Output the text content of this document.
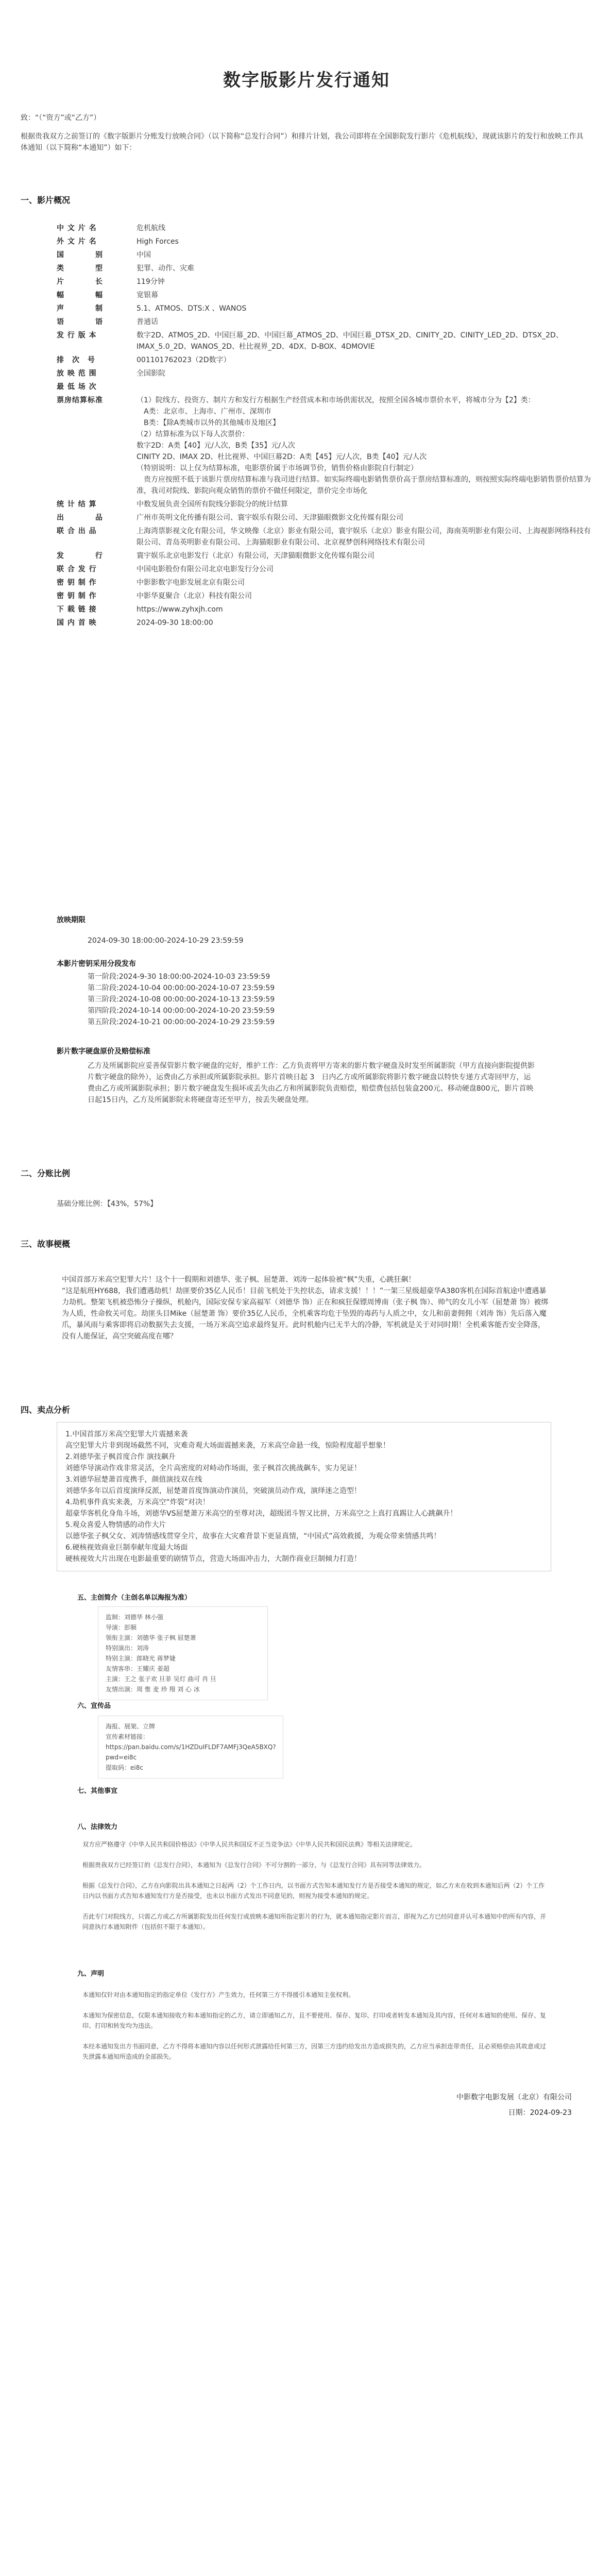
数字版影片发行通知
致：“（“资方”或“乙方”）
根据贵我双方之前签订的《数字版影片分账发行放映合同》（以下简称“总发行合同”）和排片计划，我公司即将在全国影院发行影片《危机航线》，现就该影片的发行和放映工作具体通知（以下简称“本通知”）如下：
一、影片概况
中 文 片 名	危机航线
外 文 片 名	High Forces
国　　　　别	中国
类　　　　型	犯罪、动作、灾难
片　　　　长	119分钟
幅　　　　幅	宽银幕
声　　　　制	5.1、ATMOS、DTS:X 、WANOS
语　　　　语	普通话
发 行 版 本	数字2D、ATMOS_2D、中国巨幕_2D、中国巨幕_ATMOS_2D、中国巨幕_DTSX_2D、CINITY_2D、CINITY_LED_2D、DTSX_2D、IMAX_5.0_2D、WANOS_2D、杜比视界_2D、4DX、D-BOX、4DMOVIE
排　次　号	001101762023（2D数字）
放 映 范 围	全国影院
最 低 场 次
票房结算标准	（1）院线方、投资方、制片方和发行方根据生产经营成本和市场供需状况，按照全国各城市票价水平，将城市分为【2】类：
　A类：北京市、上海市、广州市、深圳市
　B类：【除A类城市以外的其他城市及地区】
（2）结算标准为以下每人次票价：
数字2D：A类【40】元/人次，B类【35】元/人次
CINITY 2D、IMAX 2D、杜比视界、中国巨幕2D：A类【45】元/人次，B类【40】元/人次
（特别说明：以上仅为结算标准，电影票价属于市场调节价，销售价格由影院自行制定）
　贵方应按照不低于该影片票房结算标准与我司进行结算。如实际终端电影销售票价高于票房结算标准的，则按照实际终端电影销售票价结算为准，我司对院线、影院向观众销售的票价不做任何限定，票价完全市场化
统 计 结 算	中数发展负责全国所有院线分影院分的统计结算
出　　　　品	广州市英明文化传播有限公司、寰宇娱乐有限公司、天津猫眼微影文化传媒有限公司
联 合 出 品	上海湾票影视文化有限公司，华文映像（北京）影业有限公司，寰宇娱乐（北京）影业有限公司，海南英明影业有限公司、上海视影网络科技有限公司、青岛英明影业有限公司、上海猫眼影业有限公司、北京视梦创科网络技术有限公司
发　　　　行	寰宇娱乐北京电影发行（北京）有限公司，天津猫眼微影文化传媒有限公司
联 合 发 行	中国电影股份有限公司北京电影发行分公司
密 钥 制 作	中影影数字电影发展北京有限公司
密 钥 制 作	中影华夏聚合（北京）科技有限公司
下 载 链 接	https://www.zyhxjh.com
国 内 首 映	2024-09-30 18:00:00
放映期限
2024-09-30 18:00:00-2024-10-29 23:59:59
本影片密钥采用分段发布
第一阶段:2024-9-30 18:00:00-2024-10-03 23:59:59
第二阶段:2024-10-04 00:00:00-2024-10-07 23:59:59
第三阶段:2024-10-08 00:00:00-2024-10-13 23:59:59
第四阶段:2024-10-14 00:00:00-2024-10-20 23:59:59
第五阶段:2024-10-21 00:00:00-2024-10-29 23:59:59
影片数字硬盘原价及赔偿标准
乙方及所属影院应妥善保管影片数字硬盘的完好，维护工作：乙方负责将甲方寄来的影片数字硬盘及时发至所属影院（甲方直接向影院提供影片数字硬盘的除外），运费由乙方承担或所属影院承担。影片首映日起 3　日内乙方或所属影院将影片数字硬盘以特快专递方式寄回甲方，运费由乙方或所属影院承担；影片数字硬盘发生损坏或丢失由乙方和所属影院负责赔偿，赔偿费包括包装盒200元、移动硬盘800元，影片首映日起15日内，乙方及所属影院未将硬盘寄还至甲方，按丢失硬盘处理。
二、分账比例
基础分账比例：【43%，57%】
三、故事梗概
中国首部万米高空犯罪大片！这个十一假期和刘德华、张子枫、屈楚萧、刘涛一起体验被“枫”失重，心跳狂飙！
“这是航班HY688，我们遭遇劫机！劫匪要价35亿人民币！目前飞机处于失控状态，请求支援！！！”一架三星级超豪华A380客机在国际首航途中遭遇暴力劫机。整架飞机被恐怖分子操纵，机舱内，国际安保专家高福军（刘德华 饰）正在和疯狂保镖周博南（张子枫 饰）、帅气的女儿小军（屈楚萧 饰）被绑为人质，性命攸关可危。劫匪头目Mike（屈楚萧 饰）要价35亿人民币，全机乘客均危于坠毁的毒药与人质之中，女儿和前妻佣佣（刘涛 饰）先后落入魔爪，暴风雨与乘客即将启动数据失去支援，一场万米高空追求最终复开。此时机舱内已无半大的冷静，军机就是关于对同时期！全机乘客能否安全降落，没有人能保证，高空突破高度在哪？
四、卖点分析
1.中国首部万米高空犯罪大片震撼来袭
高空犯罪大片非到现场截然不同，灾难奇观大场面震撼来袭，万米高空命悬一线，惊险程度超乎想象！
2.刘德华张子枫首度合作 演技飙升
刘德华导演动作戏非常灵活，全片高密度的对峙动作场面，张子枫首次挑战飙车，实力见证！
3.刘德华屈楚萧首度携手，颜值演技双在线
刘德华多年以后首度演绎反派，屈楚萧首度饰演动作演员，突破演员动作戏，演绎迷之造型！
4.劫机事件真实来袭，万米高空“炸裂”对决！
超豪华客机化身角斗场，刘德华VS屈楚萧万米高空的至尊对决，超级团斗智又比拼，万米高空之上真打真踢让人心跳飙升！
5.观众喜爱人物情感的动作大片
以德华张子枫父女、刘涛情感线贯穿全片，故事在大灾难背景下更显真情，“中国式”高效救援，为观众带来情感共鸣！
6.硬核视效商业巨制奉献年度最大场面
硬核视效大片出现在电影最重要的剧情节点，营造大场面冲击力，大制作商业巨制倾力打造！
五、主创简介（主创名单以海报为准）
监制：刘德华 林小强
导演：彭顺
领衔主演：刘德华 张子枫 屈楚萧
特别演出：刘涛
特别主演：郎晓光 蒋梦婕
友情客串：王耀庆 姜超
主演：王之 张子欢 旦菲 吴灯 曲可 肖 旦
友情出演：周 惟 麦 珍 翔 刘 心 冰
六、宣传品
海报、展架、立牌
宣传素材链接：
https://pan.baidu.com/s/1HZDuIFLDF7AMFj3QeA5BXQ?pwd=ei8c
提取码：ei8c
七、其他事宜
八、法律效力
双方应严格遵守《中华人民共和国价格法》《中华人民共和国反不正当竞争法》《中华人民共和国民法典》等相关法律规定。

根据贵我双方已经签订的《总发行合同》，本通知为《总发行合同》不可分割的一部分，与《总发行合同》具有同等法律效力。

根据《总发行合同》，乙方在向影院出具本通知之日起两（2）个工作日内，以书面方式告知本通知发行方是否接受本通知的规定，如乙方未在收到本通知后两（2）个工作日内以书面方式告知本通知发行方是否接受，也未以书面方式发出不同意见的，则视为接受本通知的规定。

否此专门对院线方，只需乙方或乙方所属影院发出任何发行或放映本通知所指定影片的行为，就本通知指定影片而言，即视为乙方已经同意并认可本通知中的所有内容，并同意执行本通知附件（包括但不限于本通知）。
九、声明
本通知仅针对由本通知指定的指定单位《发行方》产生效力，任何第三方不得援引本通知主张权利。

本通知为保密信息，仅限本通知接收方和本通知指定的乙方，请立即通知乙方，且不要使用、保存、复印、打印或者转发本通知及其内容，任何对本通知的使用、保存、复印、打印和转发均为违法。

本经本通知发出方书面同意，乙方不得将本通知内容以任何形式泄露给任何第三方，因第三方违约给发出方造成损失的，乙方应当承担连带责任，且必须赔偿由其故意或过失泄露本通知所造成的全部损失。
中影数字电影发展（北京）有限公司
日期：2024-09-23
